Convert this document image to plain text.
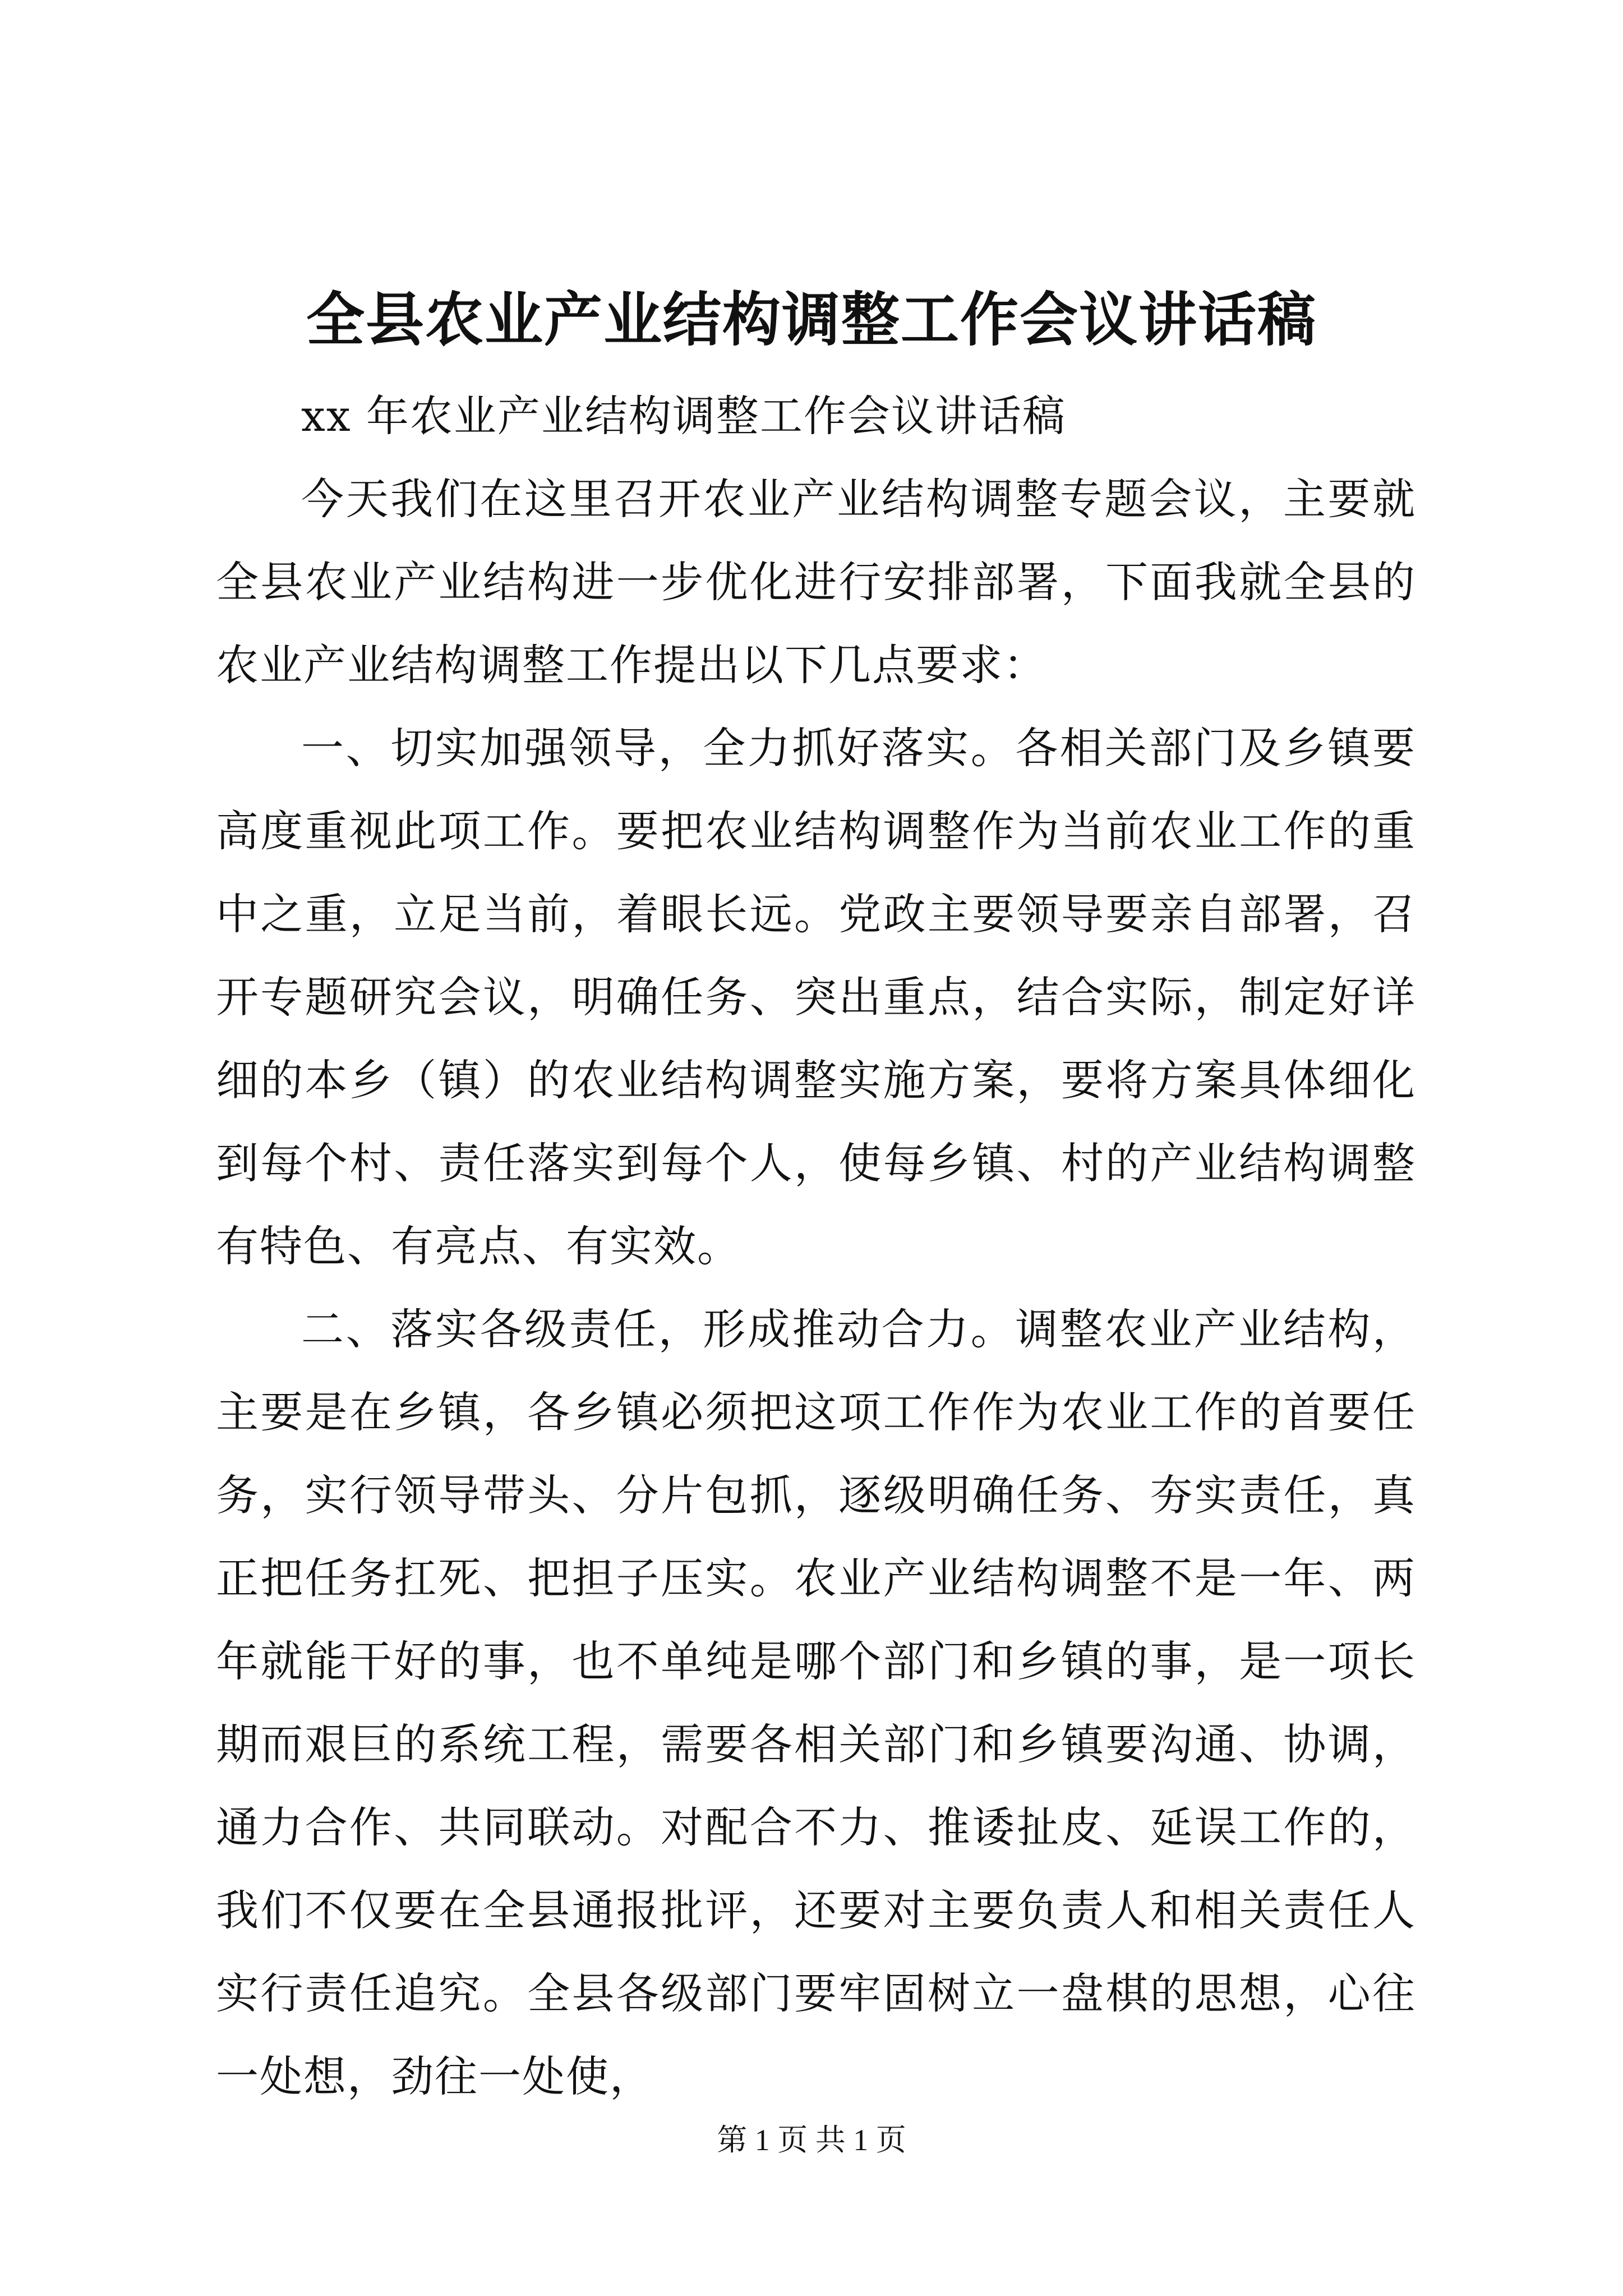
全县农业产业结构调整工作会议讲话稿

xx 年农业产业结构调整工作会议讲话稿

今天我们在这里召开农业产业结构调整专题会议，主要就全县农业产业结构进一步优化进行安排部署，下面我就全县的农业产业结构调整工作提出以下几点要求：

一、切实加强领导，全力抓好落实。各相关部门及乡镇要高度重视此项工作。要把农业结构调整作为当前农业工作的重中之重，立足当前，着眼长远。党政主要领导要亲自部署，召开专题研究会议，明确任务、突出重点，结合实际，制定好详细的本乡（镇）的农业结构调整实施方案，要将方案具体细化到每个村、责任落实到每个人，使每乡镇、村的产业结构调整有特色、有亮点、有实效。

二、落实各级责任，形成推动合力。调整农业产业结构，主要是在乡镇，各乡镇必须把这项工作作为农业工作的首要任务，实行领导带头、分片包抓，逐级明确任务、夯实责任，真正把任务扛死、把担子压实。农业产业结构调整不是一年、两年就能干好的事，也不单纯是哪个部门和乡镇的事，是一项长期而艰巨的系统工程，需要各相关部门和乡镇要沟通、协调，通力合作、共同联动。对配合不力、推诿扯皮、延误工作的，我们不仅要在全县通报批评，还要对主要负责人和相关责任人实行责任追究。全县各级部门要牢固树立一盘棋的思想，心往一处想，劲往一处使，

第 1 页 共 1 页
